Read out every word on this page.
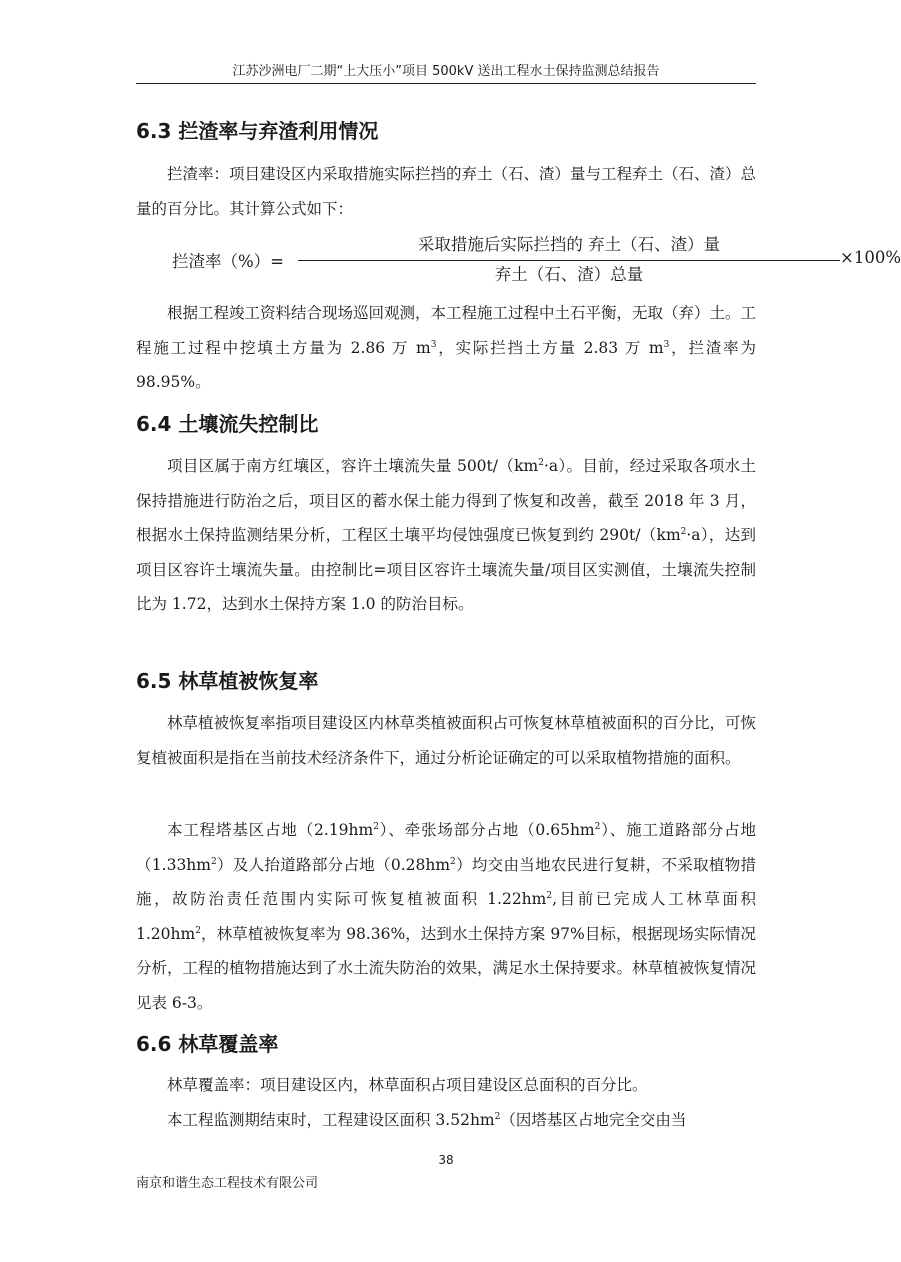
江苏沙洲电厂二期“上大压小”项目 500kV 送出工程水土保持监测总结报告
6.3 拦渣率与弃渣利用情况

拦渣率：项目建设区内采取措施实际拦挡的弃土（石、渣）量与工程弃土（石、渣）总量的百分比。其计算公式如下：

拦渣率（%）=
采取措施后实际拦挡的 弃土（石、渣）量
弃土（石、渣）总量
×100%

根据工程竣工资料结合现场巡回观测，本工程施工过程中土石平衡，无取（弃）土。工程施工过程中挖填土方量为 2.86 万 $m^3$，实际拦挡土方量 2.83 万 $m^3$，拦渣率为 98.95%。

6.4 土壤流失控制比

项目区属于南方红壤区，容许土壤流失量 $500t/(km^2\cdot a)$。目前，经过采取各项水土保持措施进行防治之后，项目区的蓄水保土能力得到了恢复和改善，截至 2018 年 3 月，根据水土保持监测结果分析，工程区土壤平均侵蚀强度已恢复到约 $290t/(km^2\cdot a)$，达到项目区容许土壤流失量。由控制比=项目区容许土壤流失量/项目区实测值，土壤流失控制比为 1.72，达到水土保持方案 1.0 的防治目标。

6.5 林草植被恢复率

林草植被恢复率指项目建设区内林草类植被面积占可恢复林草植被面积的百分比，可恢复植被面积是指在当前技术经济条件下，通过分析论证确定的可以采取植物措施的面积。

本工程塔基区占地$(2.19hm^2)$、牵张场部分占地$(0.65hm^2)$、施工道路部分占地$(1.33hm^2)$及人抬道路部分占地$(0.28hm^2)$均交由当地农民进行复耕，不采取植物措施，故防治责任范围内实际可恢复植被面积 $1.22hm^2$,目前已完成人工林草面积 $1.20hm^2$，林草植被恢复率为 98.36%，达到水土保持方案 97%目标，根据现场实际情况分析，工程的植物措施达到了水土流失防治的效果，满足水土保持要求。林草植被恢复情况见表 6-3。

6.6 林草覆盖率

林草覆盖率：项目建设区内，林草面积占项目建设区总面积的百分比。

本工程监测期结束时，工程建设区面积 $3.52hm^2$（因塔基区占地完全交由当

38
南京和谐生态工程技术有限公司
